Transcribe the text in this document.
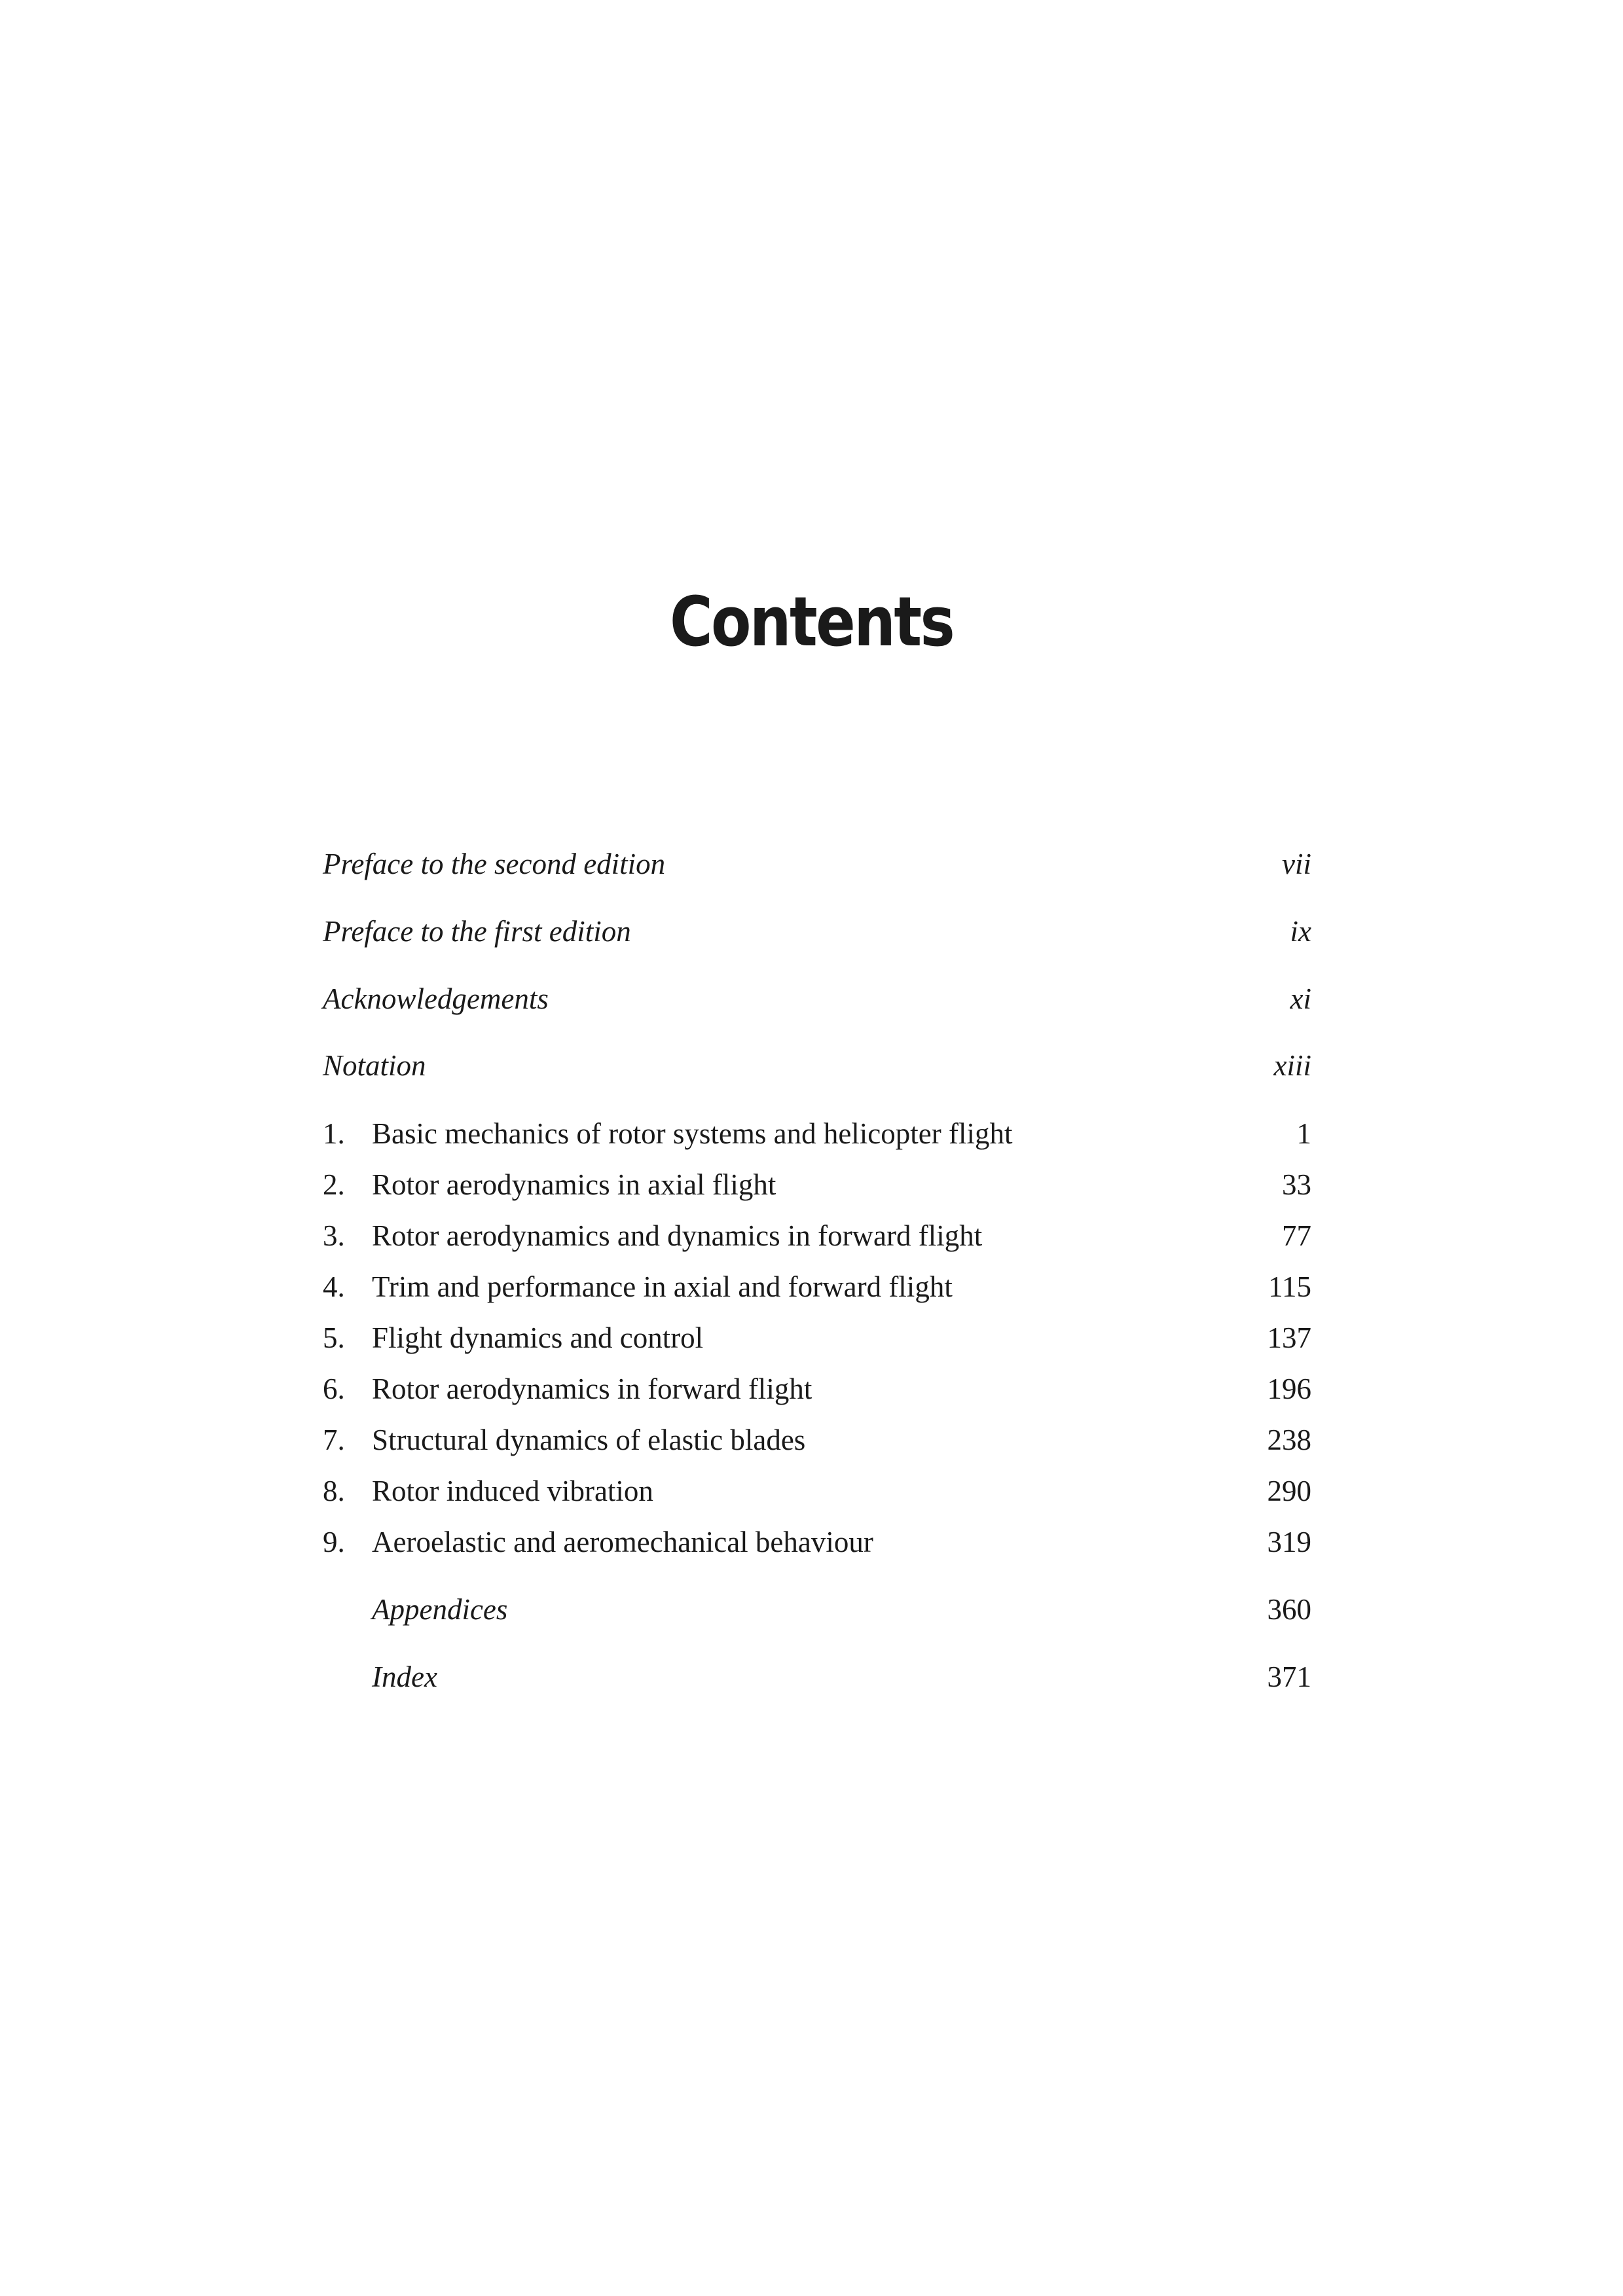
Contents
Preface to the second edition	vii
Preface to the first edition	ix
Acknowledgements	xi
Notation	xiii
1. Basic mechanics of rotor systems and helicopter flight	1
2. Rotor aerodynamics in axial flight	33
3. Rotor aerodynamics and dynamics in forward flight	77
4. Trim and performance in axial and forward flight	115
5. Flight dynamics and control	137
6. Rotor aerodynamics in forward flight	196
7. Structural dynamics of elastic blades	238
8. Rotor induced vibration	290
9. Aeroelastic and aeromechanical behaviour	319
Appendices	360
Index	371
